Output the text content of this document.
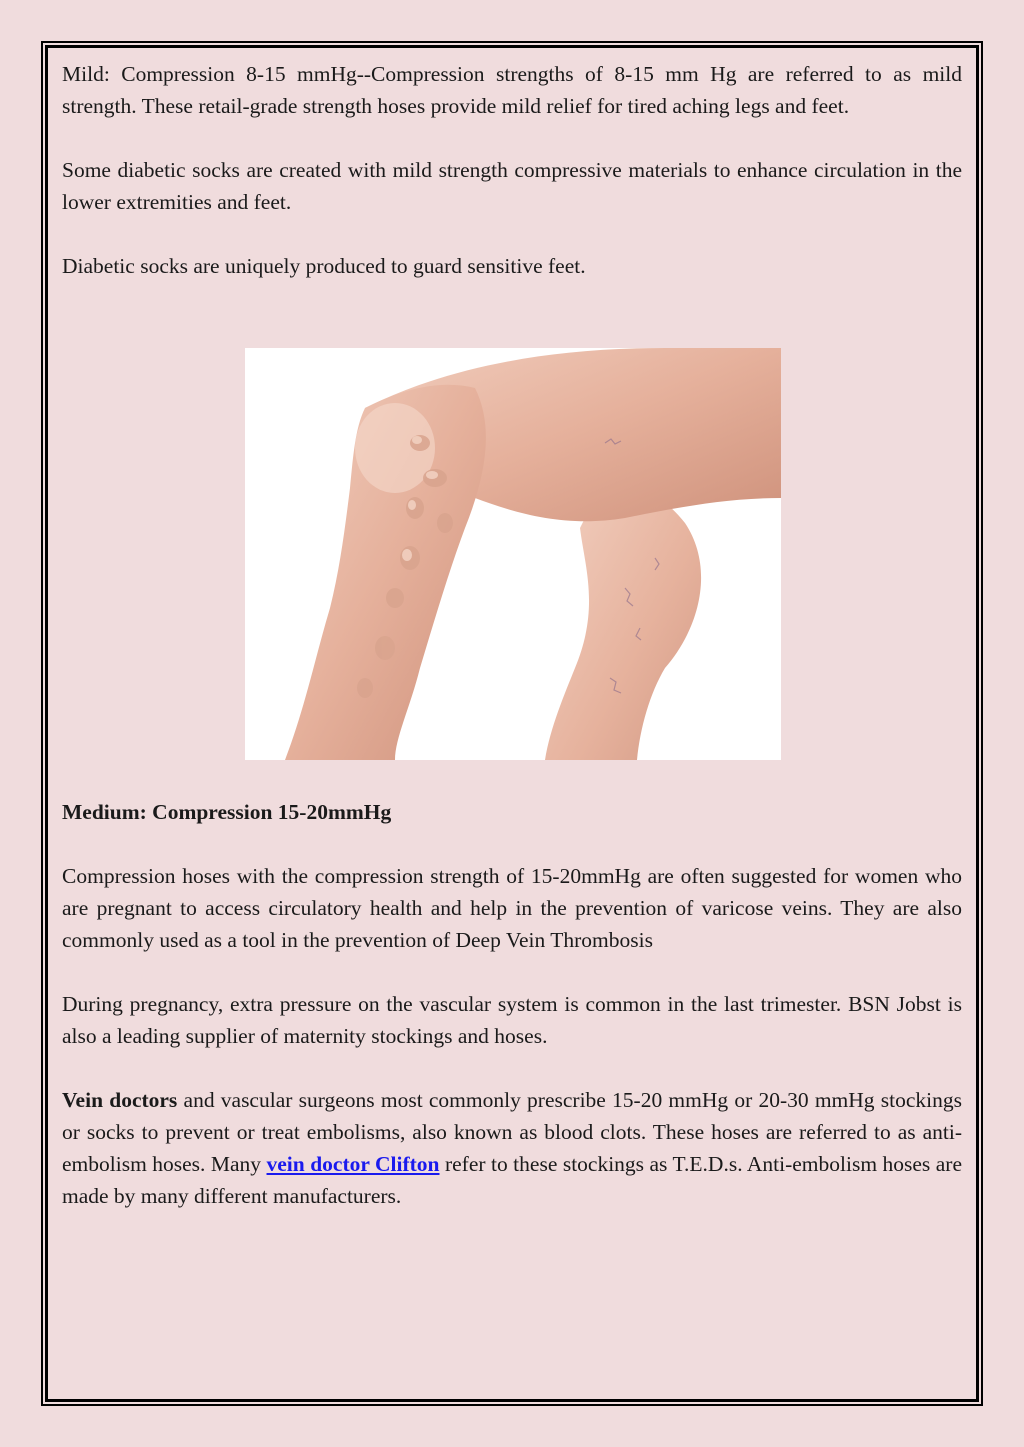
Mild: Compression 8-15 mmHg--Compression strengths of 8-15 mm Hg are referred to as mild strength. These retail-grade strength hoses provide mild relief for tired aching legs and feet.

Some diabetic socks are created with mild strength compressive materials to enhance circulation in the lower extremities and feet.

Diabetic socks are uniquely produced to guard sensitive feet.

Medium: Compression 15-20mmHg

Compression hoses with the compression strength of 15-20mmHg are often suggested for women who are pregnant to access circulatory health and help in the prevention of varicose veins. They are also commonly used as a tool in the prevention of Deep Vein Thrombosis

During pregnancy, extra pressure on the vascular system is common in the last trimester. BSN Jobst is also a leading supplier of maternity stockings and hoses.

Vein doctors and vascular surgeons most commonly prescribe 15-20 mmHg or 20-30 mmHg stockings or socks to prevent or treat embolisms, also known as blood clots. These hoses are referred to as anti-embolism hoses. Many vein doctor Clifton refer to these stockings as T.E.D.s. Anti-embolism hoses are made by many different manufacturers.
